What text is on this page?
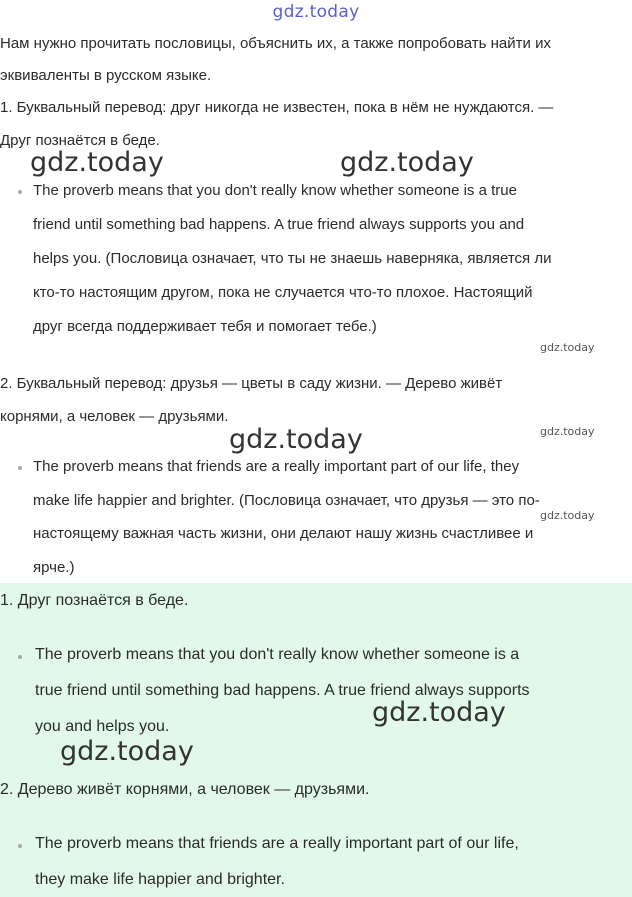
gdz.today
Нам нужно прочитать пословицы, объяснить их, а также попробовать найти их
эквиваленты в русском языке.
1. Буквальный перевод: друг никогда не известен, пока в нём не нуждаются. —
Друг познаётся в беде.
The proverb means that you don't really know whether someone is a true
friend until something bad happens. A true friend always supports you and
helps you. (Пословица означает, что ты не знаешь наверняка, является ли
кто-то настоящим другом, пока не случается что-то плохое. Настоящий
друг всегда поддерживает тебя и помогает тебе.)
2. Буквальный перевод: друзья — цветы в саду жизни. — Дерево живёт
корнями, а человек — друзьями.
The proverb means that friends are a really important part of our life, they
make life happier and brighter. (Пословица означает, что друзья — это по-
настоящему важная часть жизни, они делают нашу жизнь счастливее и
ярче.)
1. Друг познаётся в беде.
The proverb means that you don't really know whether someone is a
true friend until something bad happens. A true friend always supports
you and helps you.
2. Дерево живёт корнями, а человек — друзьями.
The proverb means that friends are a really important part of our life,
they make life happier and brighter.
gdz.today	gdz.today
gdz.today
gdz.today
gdz.today
gdz.today
gdz.today
gdz.today
